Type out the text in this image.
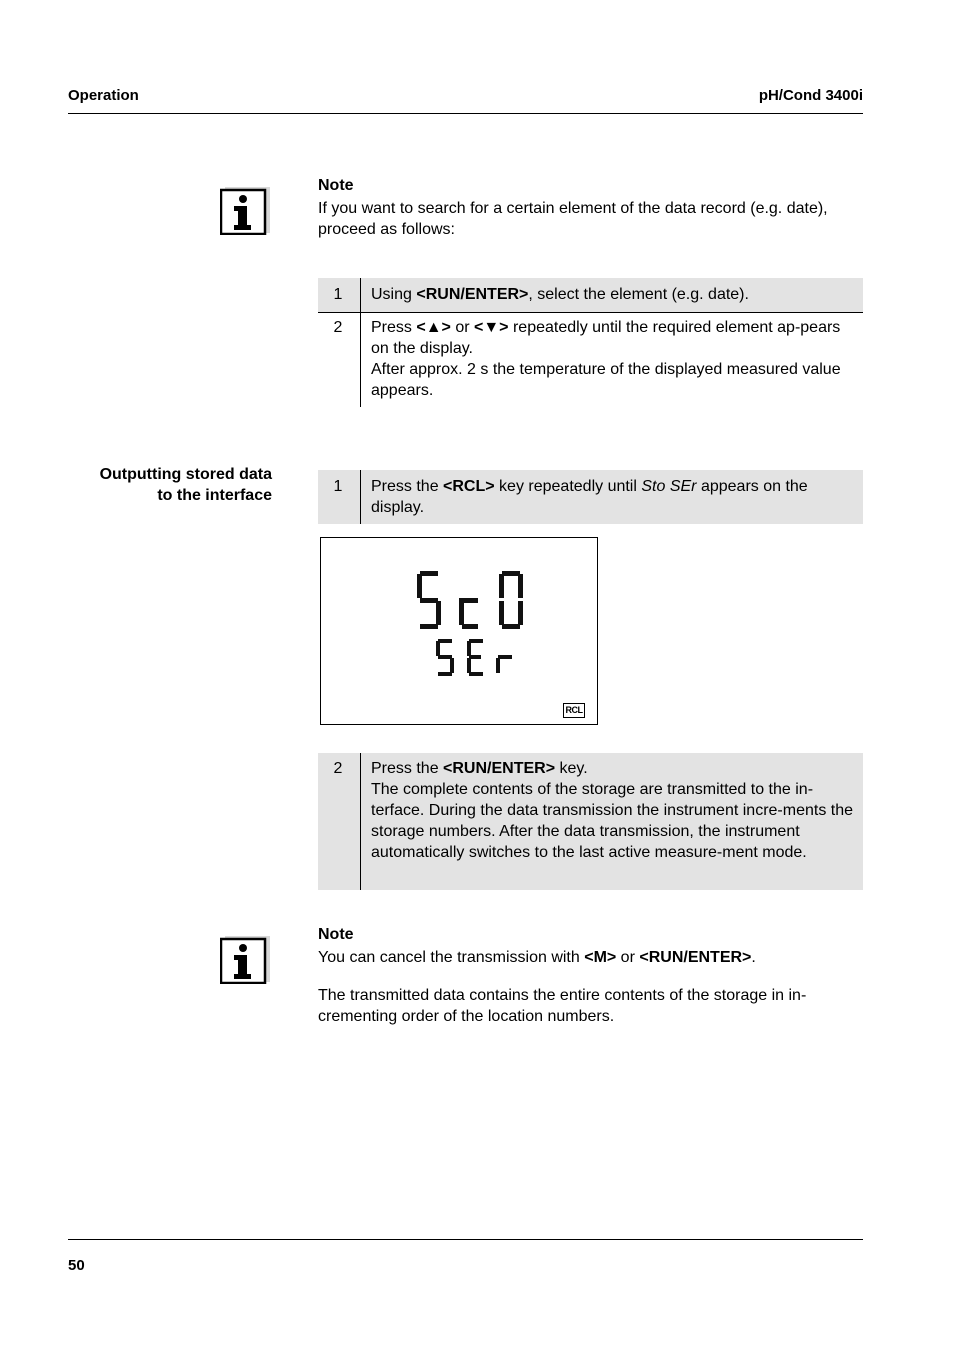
Operation	pH/Cond 3400i
Note
If you want to search for a certain element of the data record (e.g. date), proceed as follows:
1	Using <RUN/ENTER>, select the element (e.g. date).
2	Press <▲> or <▼> repeatedly until the required element ap-pears on the display.
After approx. 2 s the temperature of the displayed measured value appears.
Outputting stored data
to the interface
1	Press the <RCL> key repeatedly until Sto SEr appears on the display.
RCL
2	Press the <RUN/ENTER> key.
The complete contents of the storage are transmitted to the in-terface. During the data transmission the instrument incre-ments the storage numbers. After the data transmission, the instrument automatically switches to the last active measure-ment mode.
Note
You can cancel the transmission with <M> or <RUN/ENTER>.
The transmitted data contains the entire contents of the storage in in-crementing order of the location numbers.
50
